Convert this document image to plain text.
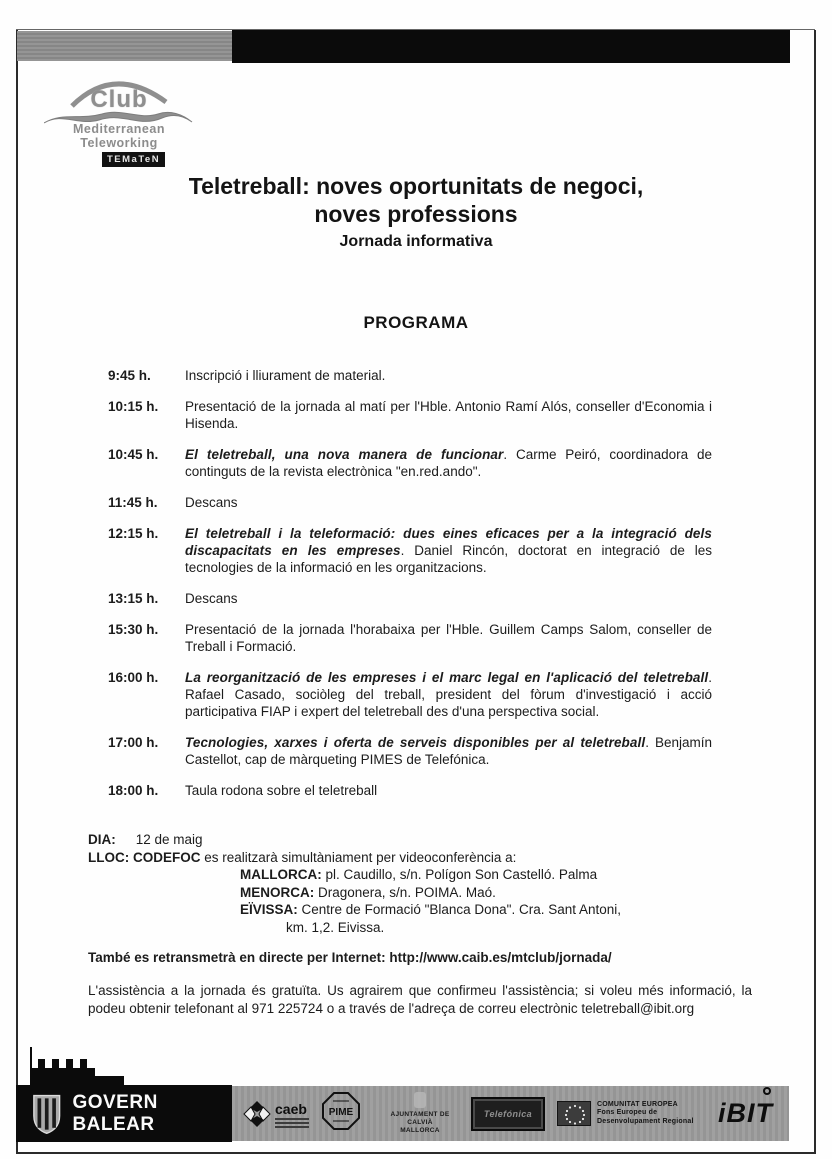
Club
Mediterranean
Teleworking
TEMaTeN
Teletreball: noves oportunitats de negoci,
noves professions
Jornada informativa
PROGRAMA
9:45 h.	Inscripció i lliurament de material.
10:15 h.	Presentació de la jornada al matí per l'Hble. Antonio Ramí Alós, conseller d'Economia i Hisenda.
10:45 h.	El teletreball, una nova manera de funcionar. Carme Peiró, coordinadora de continguts de la revista electrònica "en.red.ando".
11:45 h.	Descans
12:15 h.	El teletreball i la teleformació: dues eines eficaces per a la integració dels discapacitats en les empreses. Daniel Rincón, doctorat en integració de les tecnologies de la informació en les organitzacions.
13:15 h.	Descans
15:30 h.	Presentació de la jornada l'horabaixa per l'Hble. Guillem Camps Salom, conseller de Treball i Formació.
16:00 h.	La reorganització de les empreses i el marc legal en l'aplicació del teletreball. Rafael Casado, sociòleg del treball, president del fòrum d'investigació i acció participativa FIAP i expert del teletreball des d'una perspectiva social.
17:00 h.	Tecnologies, xarxes i oferta de serveis disponibles per al teletreball. Benjamín Castellot, cap de màrqueting PIMES de Telefónica.
18:00 h.	Taula rodona sobre el teletreball
DIA: 12 de maig
LLOC: CODEFOC es realitzarà simultàniament per videoconferència a:
MALLORCA: pl. Caudillo, s/n. Polígon Son Castelló. Palma
MENORCA: Dragonera, s/n. POIMA. Maó.
EÏVISSA: Centre de Formació "Blanca Dona". Cra. Sant Antoni,
km. 1,2. Eivissa.
També es retransmetrà en directe per Internet: http://www.caib.es/mtclub/jornada/
L'assistència a la jornada és gratuïta. Us agrairem que confirmeu l'assistència; si voleu més informació, la podeu obtenir telefonant al 971 225724 o a través de l'adreça de correu electrònic teletreball@ibit.org
GOVERN BALEAR
caeb PIME	AJUNTAMENT DE CALVIÀ
MALLORCA
Telefónica
COMUNITAT EUROPEA
Fons Europeu de
Desenvolupament Regional iBIT
